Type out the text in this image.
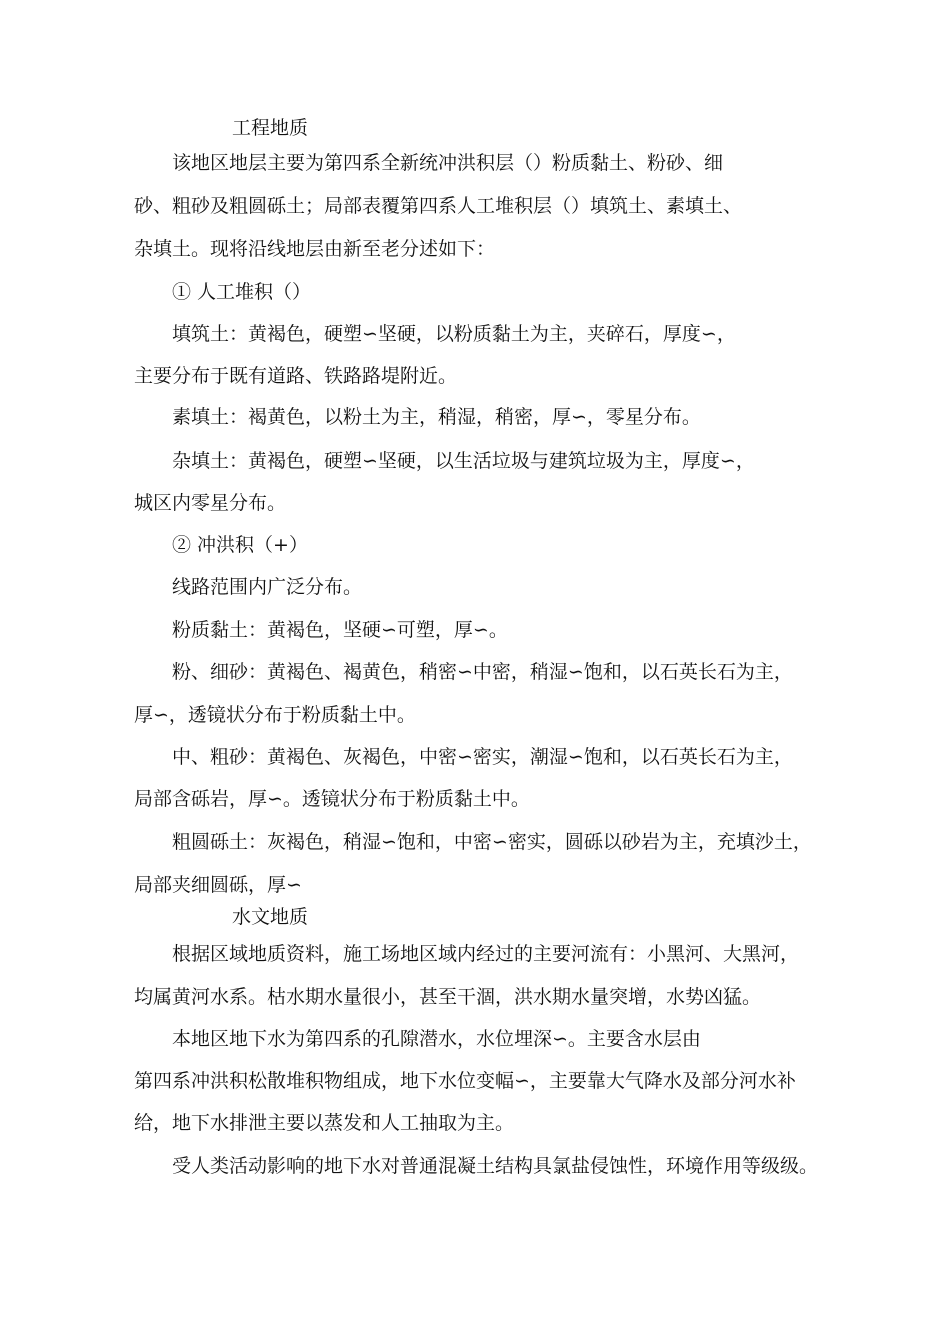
工程地质

该地区地层主要为第四系全新统冲洪积层（）粉质黏土、粉砂、细

砂、粗砂及粗圆砾土；局部表覆第四系人工堆积层（）填筑土、素填土、

杂填土。现将沿线地层由新至老分述如下：

① 人工堆积（）

填筑土：黄褐色，硬塑∽坚硬，以粉质黏土为主，夹碎石，厚度∽，

主要分布于既有道路、铁路路堤附近。

素填土：褐黄色，以粉土为主，稍湿，稍密，厚∽，零星分布。

杂填土：黄褐色，硬塑∽坚硬，以生活垃圾与建筑垃圾为主，厚度∽，

城区内零星分布。

② 冲洪积（+）

线路范围内广泛分布。

粉质黏土：黄褐色，坚硬∽可塑，厚∽。

粉、细砂：黄褐色、褐黄色，稍密∽中密，稍湿∽饱和，以石英长石为主，

厚∽，透镜状分布于粉质黏土中。

中、粗砂：黄褐色、灰褐色，中密∽密实，潮湿∽饱和，以石英长石为主，

局部含砾岩，厚∽。透镜状分布于粉质黏土中。

粗圆砾土：灰褐色，稍湿∽饱和，中密∽密实，圆砾以砂岩为主，充填沙土，

局部夹细圆砾，厚∽

水文地质

根据区域地质资料，施工场地区域内经过的主要河流有：小黑河、大黑河，

均属黄河水系。枯水期水量很小，甚至干涸，洪水期水量突增，水势凶猛。

本地区地下水为第四系的孔隙潜水，水位埋深∽。主要含水层由

第四系冲洪积松散堆积物组成，地下水位变幅∽，主要靠大气降水及部分河水补

给，地下水排泄主要以蒸发和人工抽取为主。

受人类活动影响的地下水对普通混凝土结构具氯盐侵蚀性，环境作用等级级。
